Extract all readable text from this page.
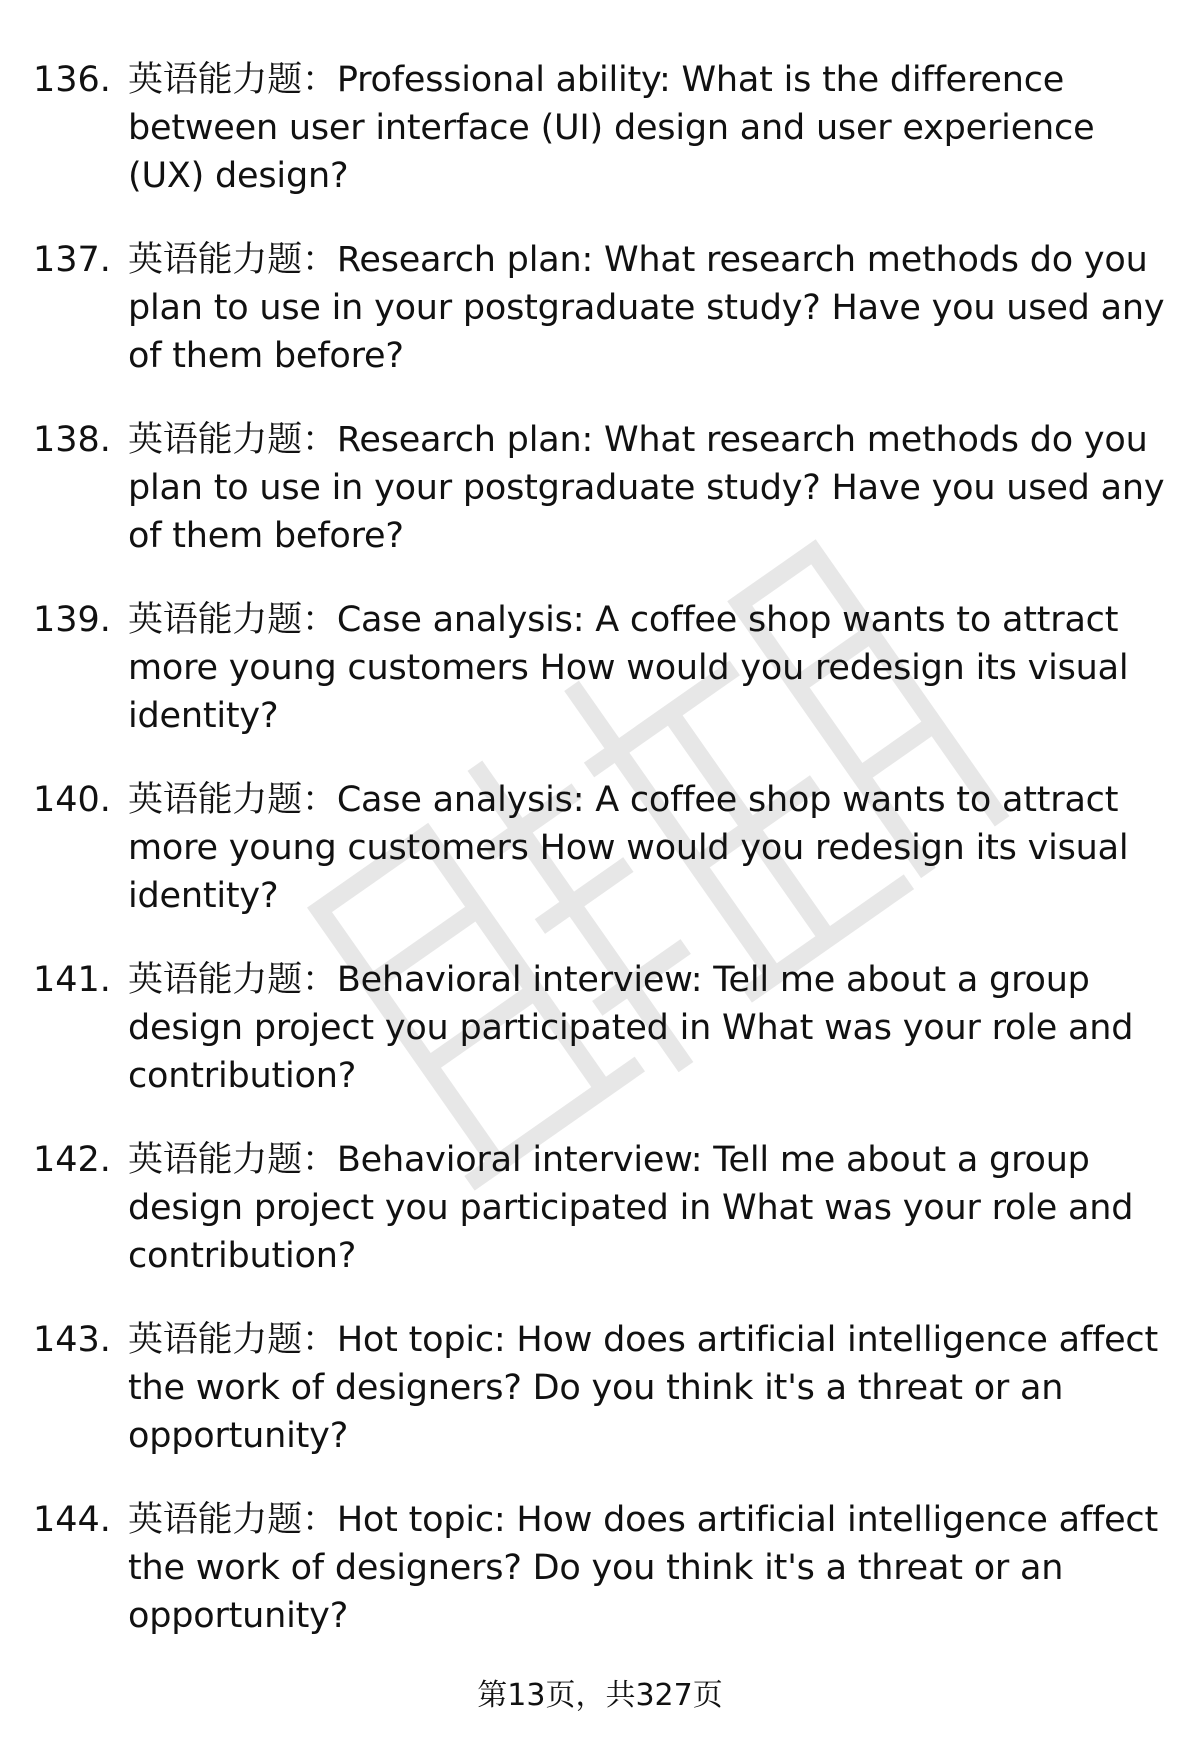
136. 英语能力题：Professional ability: What is the difference between user interface (UI) design and user experience (UX) design?
137. 英语能力题：Research plan: What research methods do you plan to use in your postgraduate study? Have you used any of them before?
138. 英语能力题：Research plan: What research methods do you plan to use in your postgraduate study? Have you used any of them before?
139. 英语能力题：Case analysis: A coffee shop wants to attract more young customers How would you redesign its visual identity?
140. 英语能力题：Case analysis: A coffee shop wants to attract more young customers How would you redesign its visual identity?
141. 英语能力题：Behavioral interview: Tell me about a group design project you participated in What was your role and contribution?
142. 英语能力题：Behavioral interview: Tell me about a group design project you participated in What was your role and contribution?
143. 英语能力题：Hot topic: How does artificial intelligence affect the work of designers? Do you think it's a threat or an opportunity?
144. 英语能力题：Hot topic: How does artificial intelligence affect the work of designers? Do you think it's a threat or an opportunity?
第13页，共327页
